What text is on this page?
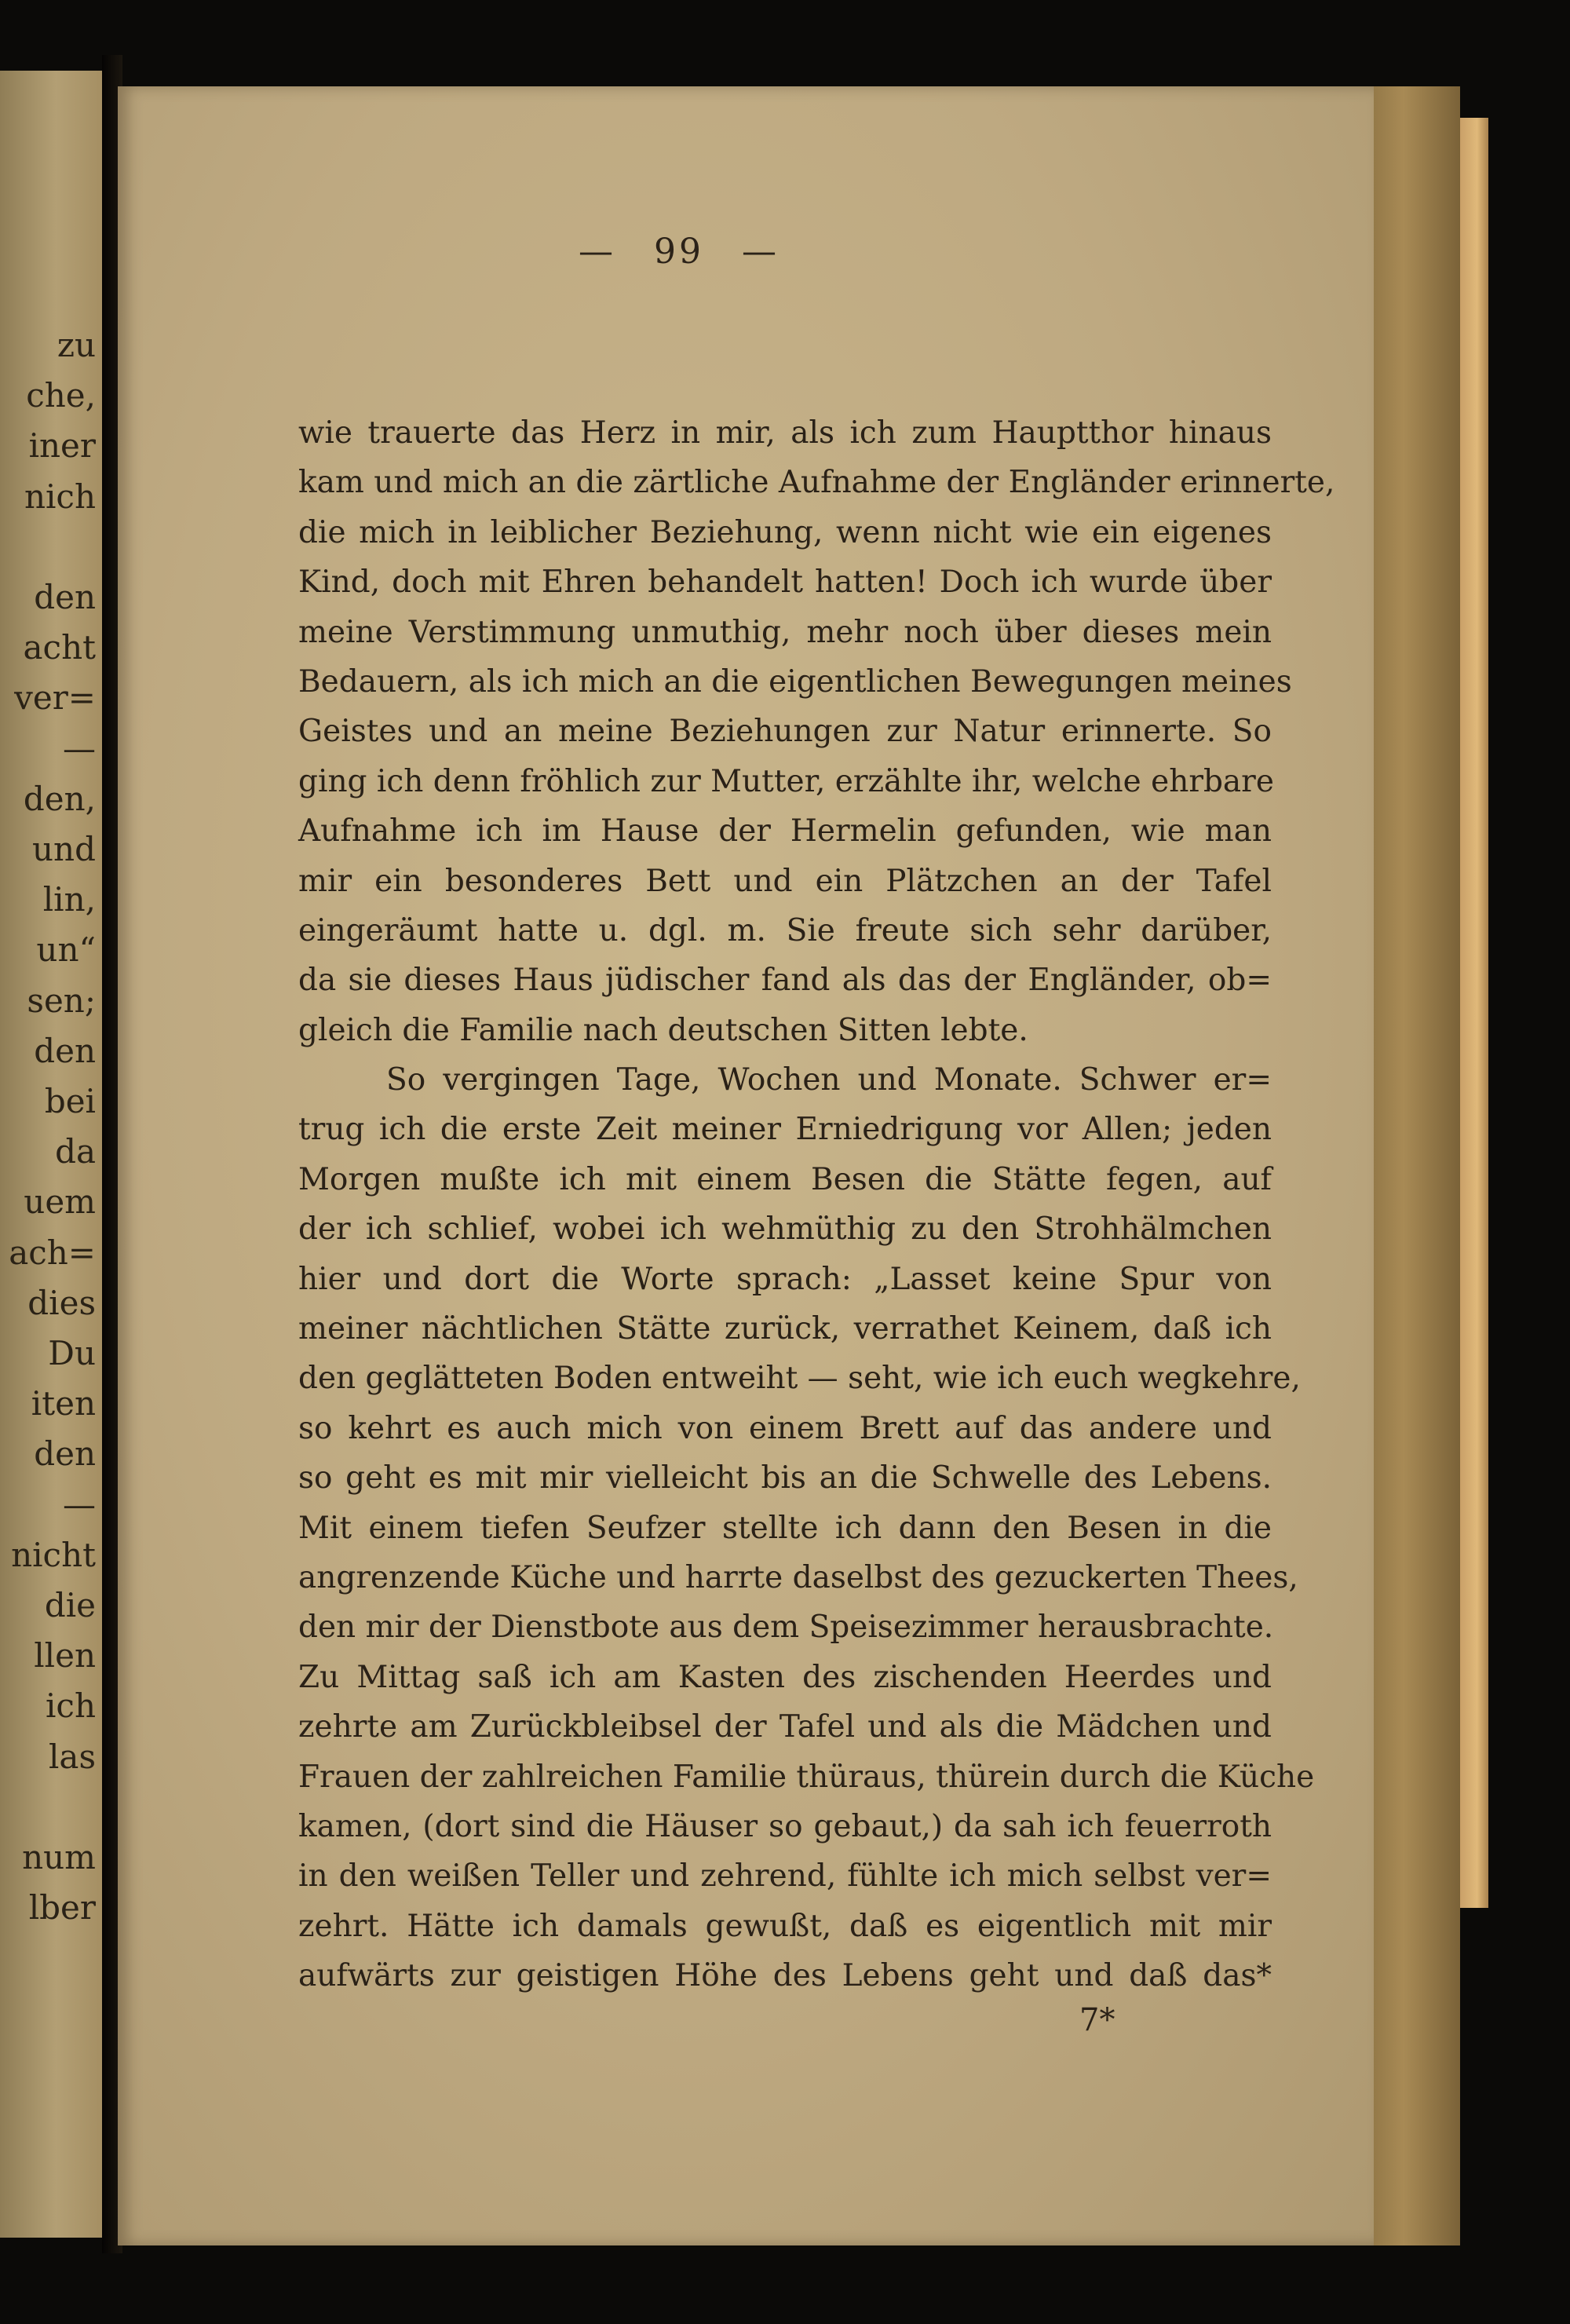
zu
che,
iner
nich
den
acht
ver=
—
den,
und
lin,
un“
sen;
den
bei
da
uem
ach=
dies
Du
iten
den
—
nicht
die
llen
ich
las
num
lber
— 99 —
wie trauerte das Herz in mir, als ich zum Hauptthor hinaus
kam und mich an die zärtliche Aufnahme der Engländer erinnerte,
die mich in leiblicher Beziehung, wenn nicht wie ein eigenes
Kind, doch mit Ehren behandelt hatten! Doch ich wurde über
meine Verstimmung unmuthig, mehr noch über dieses mein
Bedauern, als ich mich an die eigentlichen Bewegungen meines
Geistes und an meine Beziehungen zur Natur erinnerte. So
ging ich denn fröhlich zur Mutter, erzählte ihr, welche ehrbare
Aufnahme ich im Hause der Hermelin gefunden, wie man
mir ein besonderes Bett und ein Plätzchen an der Tafel
eingeräumt hatte u. dgl. m. Sie freute sich sehr darüber,
da sie dieses Haus jüdischer fand als das der Engländer, ob=
gleich die Familie nach deutschen Sitten lebte.
So vergingen Tage, Wochen und Monate. Schwer er=
trug ich die erste Zeit meiner Erniedrigung vor Allen; jeden
Morgen mußte ich mit einem Besen die Stätte fegen, auf
der ich schlief, wobei ich wehmüthig zu den Strohhälmchen
hier und dort die Worte sprach: „Lasset keine Spur von
meiner nächtlichen Stätte zurück, verrathet Keinem, daß ich
den geglätteten Boden entweiht — seht, wie ich euch wegkehre,
so kehrt es auch mich von einem Brett auf das andere und
so geht es mit mir vielleicht bis an die Schwelle des Lebens.
Mit einem tiefen Seufzer stellte ich dann den Besen in die
angrenzende Küche und harrte daselbst des gezuckerten Thees,
den mir der Dienstbote aus dem Speisezimmer herausbrachte.
Zu Mittag saß ich am Kasten des zischenden Heerdes und
zehrte am Zurückbleibsel der Tafel und als die Mädchen und
Frauen der zahlreichen Familie thüraus, thürein durch die Küche
kamen, (dort sind die Häuser so gebaut,) da sah ich feuerroth
in den weißen Teller und zehrend, fühlte ich mich selbst ver=
zehrt. Hätte ich damals gewußt, daß es eigentlich mit mir
aufwärts zur geistigen Höhe des Lebens geht und daß das*
7*
